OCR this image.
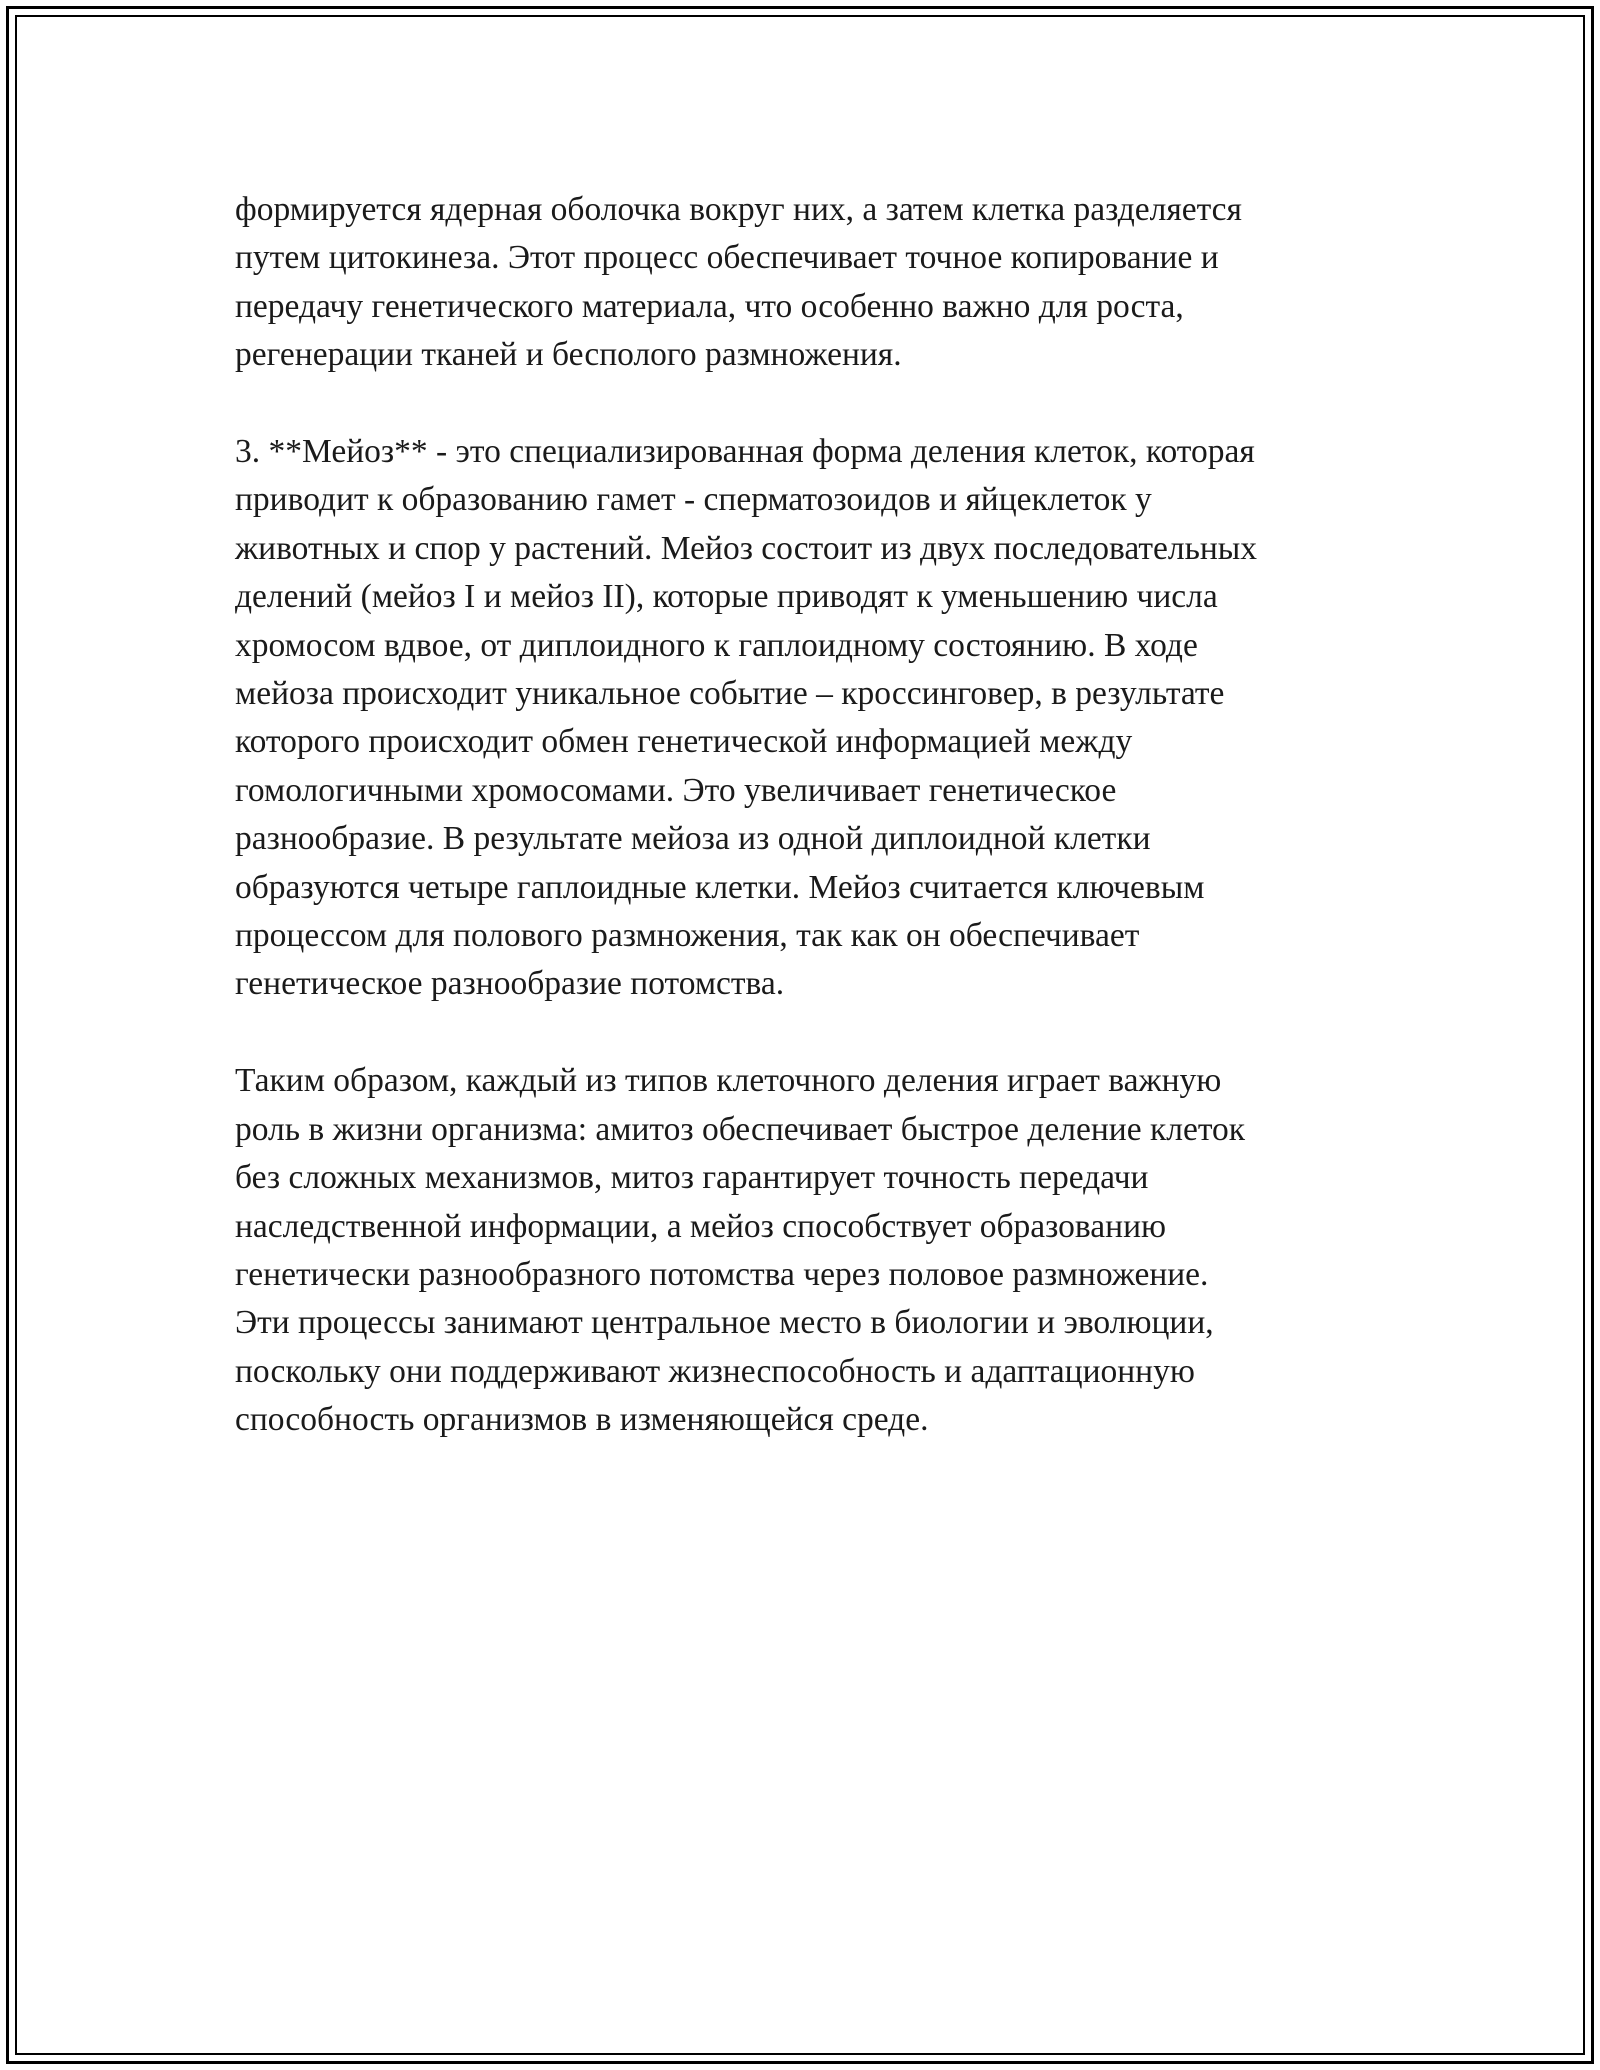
формируется ядерная оболочка вокруг них, а затем клетка разделяется
путем цитокинеза. Этот процесс обеспечивает точное копирование и
передачу генетического материала, что особенно важно для роста,
регенерации тканей и бесполого размножения.

3. **Мейоз** - это специализированная форма деления клеток, которая
приводит к образованию гамет - сперматозоидов и яйцеклеток у
животных и спор у растений. Мейоз состоит из двух последовательных
делений (мейоз I и мейоз II), которые приводят к уменьшению числа
хромосом вдвое, от диплоидного к гаплоидному состоянию. В ходе
мейоза происходит уникальное событие – кроссинговер, в результате
которого происходит обмен генетической информацией между
гомологичными хромосомами. Это увеличивает генетическое
разнообразие. В результате мейоза из одной диплоидной клетки
образуются четыре гаплоидные клетки. Мейоз считается ключевым
процессом для полового размножения, так как он обеспечивает
генетическое разнообразие потомства.

Таким образом, каждый из типов клеточного деления играет важную
роль в жизни организма: амитоз обеспечивает быстрое деление клеток
без сложных механизмов, митоз гарантирует точность передачи
наследственной информации, а мейоз способствует образованию
генетически разнообразного потомства через половое размножение.
Эти процессы занимают центральное место в биологии и эволюции,
поскольку они поддерживают жизнеспособность и адаптационную
способность организмов в изменяющейся среде.
